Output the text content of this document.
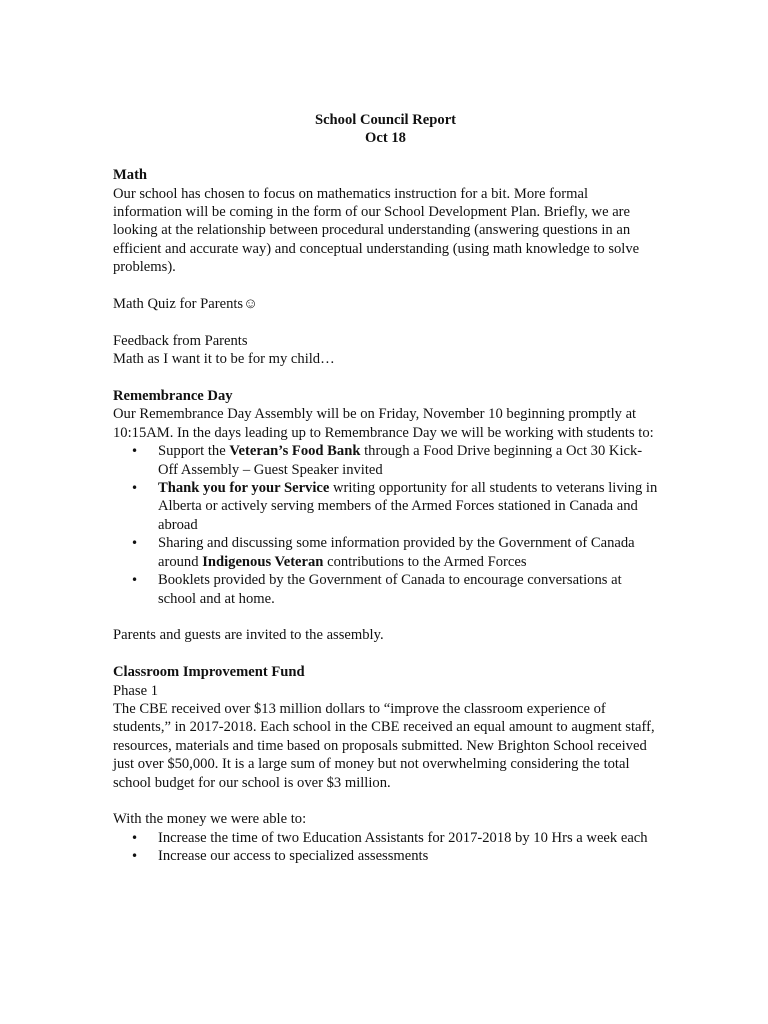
School Council Report
Oct 18
Math

Our school has chosen to focus on mathematics instruction for a bit. More formal information will be coming in the form of our School Development Plan. Briefly, we are looking at the relationship between procedural understanding (answering questions in an efficient and accurate way) and conceptual understanding (using math knowledge to solve problems).

Math Quiz for Parents☺

Feedback from Parents

Math as I want it to be for my child…

Remembrance Day

Our Remembrance Day Assembly will be on Friday, November 10 beginning promptly at 10:15AM. In the days leading up to Remembrance Day we will be working with students to:

• Support the Veteran’s Food Bank through a Food Drive beginning a Oct 30 Kick-Off Assembly – Guest Speaker invited
• Thank you for your Service writing opportunity for all students to veterans living in Alberta or actively serving members of the Armed Forces stationed in Canada and abroad
• Sharing and discussing some information provided by the Government of Canada around Indigenous Veteran contributions to the Armed Forces
• Booklets provided by the Government of Canada to encourage conversations at school and at home.

Parents and guests are invited to the assembly.

Classroom Improvement Fund

Phase 1

The CBE received over $13 million dollars to “improve the classroom experience of students,” in 2017-2018. Each school in the CBE received an equal amount to augment staff, resources, materials and time based on proposals submitted. New Brighton School received just over $50,000. It is a large sum of money but not overwhelming considering the total school budget for our school is over $3 million.

With the money we were able to:

• Increase the time of two Education Assistants for 2017-2018 by 10 Hrs a week each
• Increase our access to specialized assessments
